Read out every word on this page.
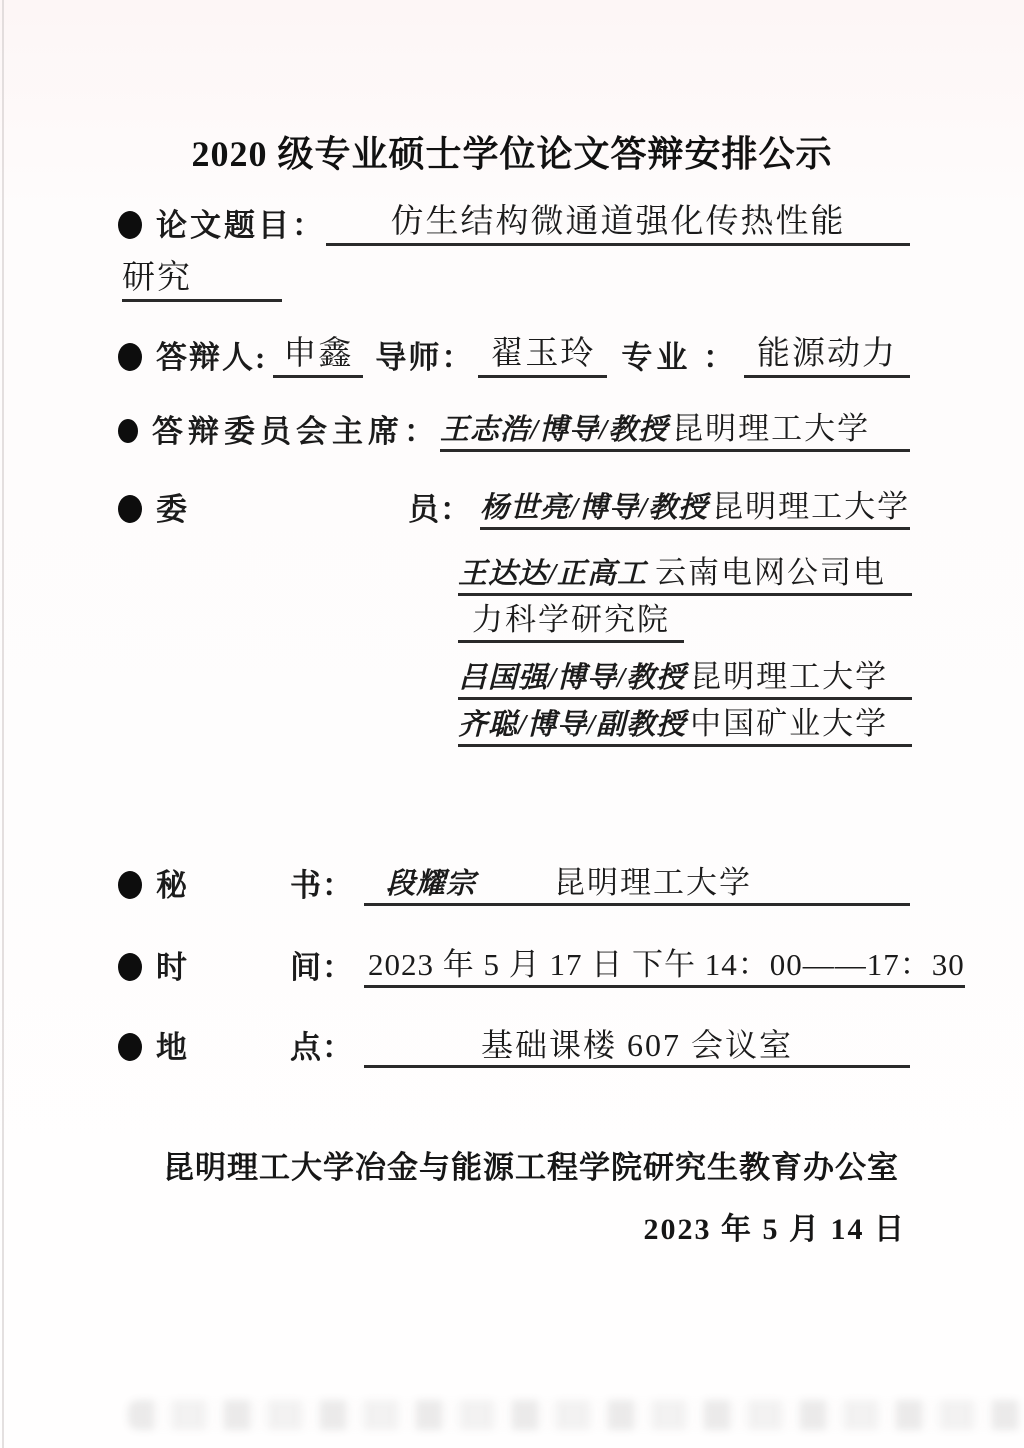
2020 级专业硕士学位论文答辩安排公示
论文题目：	仿生结构微通道强化传热性能
研究
答辩人: 申鑫 导师： 翟玉玲 专业 ： 能源动力
答辩委员会主席： 王志浩/博导/教授 昆明理工大学
委	员： 杨世亮/博导/教授 昆明理工大学
王达达/正高工 云南电网公司电
力科学研究院
吕国强/博导/教授 昆明理工大学
齐聪/博导/副教授 中国矿业大学
秘	书：	段耀宗	昆明理工大学
时	间： 2023 年 5 月 17 日 下午 14：00——17：30
地	点：	基础课楼 607 会议室
昆明理工大学冶金与能源工程学院研究生教育办公室
2023 年 5 月 14 日
